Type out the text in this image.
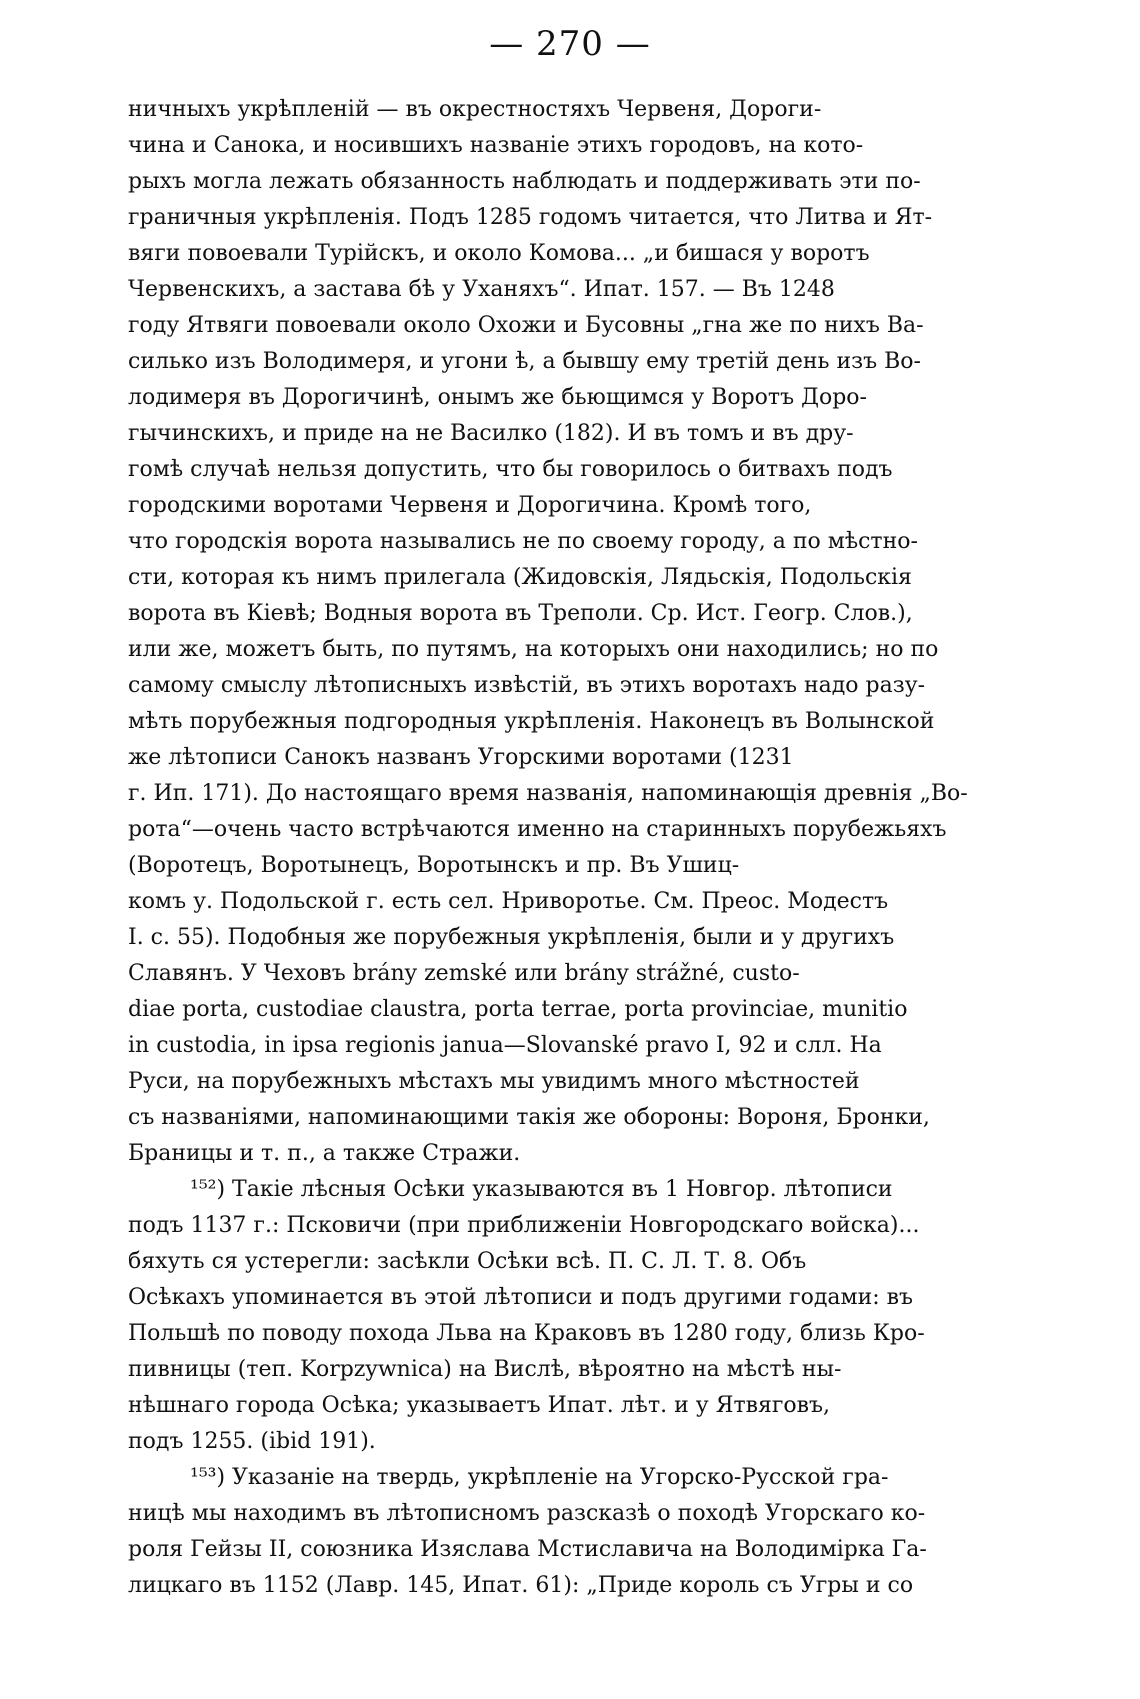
— 270 —
ничныхъ укрѣпленій — въ окрестностяхъ Червеня, Дороги-
чина и Санока, и носившихъ названіе этихъ городовъ, на кото-
рыхъ могла лежать обязанность наблюдать и поддерживать эти по-
граничныя укрѣпленія. Подъ 1285 годомъ читается, что Литва и Ят-
вяги повоевали Турійскъ, и около Комова... „и бишася у воротъ
Червенскихъ, а застава бѣ у Уханяхъ“. Ипат. 157. — Въ 1248
году Ятвяги повоевали около Охожи и Бусовны „гна же по нихъ Ва-
силько изъ Володимеря, и угони ѣ, а бывшу ему третій день изъ Во-
лодимеря въ Дорогичинѣ, онымъ же бьющимся у Воротъ Доро-
гычинскихъ, и приде на не Василко (182). И въ томъ и въ дру-
гомѣ случаѣ нельзя допустить, что бы говорилось о битвахъ подъ
городскими воротами Червеня и Дорогичина. Кромѣ того,
что городскія ворота назывались не по своему городу, а по мѣстно-
сти, которая къ нимъ прилегала (Жидовскія, Лядьскія, Подольскія
ворота въ Кіевѣ; Водныя ворота въ Треполи. Ср. Ист. Геогр. Слов.),
или же, можетъ быть, по путямъ, на которыхъ они находились; но по
самому смыслу лѣтописныхъ извѣстій, въ этихъ воротахъ надо разу-
мѣть порубежныя подгородныя укрѣпленія. Наконецъ въ Волынской
же лѣтописи Санокъ названъ Угорскими воротами (1231
г. Ип. 171). До настоящаго время названія, напоминающія древнія „Во-
рота“—очень часто встрѣчаются именно на старинныхъ порубежьяхъ
(Воротецъ, Воротынецъ, Воротынскъ и пр. Въ Ушиц-
комъ у. Подольской г. есть сел. Нриворотье. См. Преос. Модестъ
I. с. 55). Подобныя же порубежныя укрѣпленія, были и у другихъ
Славянъ. У Чеховъ brány zemské или brány strážné, custo-
diae porta, custodiae claustra, porta terrae, porta provinciae, munitio
in custodia, in ipsa regionis janua—Slovanské pravo I, 92 и слл. На
Руси, на порубежныхъ мѣстахъ мы увидимъ много мѣстностей
съ названіями, напоминающими такія же обороны: Вороня, Бронки,
Браницы и т. п., а также Стражи.
¹⁵²) Такіе лѣсныя Осѣки указываются въ 1 Новгор. лѣтописи
подъ 1137 г.: Псковичи (при приближеніи Новгородскаго войска)...
бяхуть ся устерегли: засѣкли Осѣки всѣ. П. С. Л. Т. 8. Объ
Осѣкахъ упоминается въ этой лѣтописи и подъ другими годами: въ
Польшѣ по поводу похода Льва на Краковъ въ 1280 году, близь Кро-
пивницы (теп. Korpzywnica) на Вислѣ, вѣроятно на мѣстѣ ны-
нѣшнаго города Осѣка; указываетъ Ипат. лѣт. и у Ятвяговъ,
подъ 1255. (ibid 191).
¹⁵³) Указаніе на твердь, укрѣпленіе на Угорско-Русской гра-
ницѣ мы находимъ въ лѣтописномъ разсказѣ о походѣ Угорскаго ко-
роля Гейзы II, союзника Изяслава Мстиславича на Володимірка Га-
лицкаго въ 1152 (Лавр. 145, Ипат. 61): „Приде король съ Угры и со
